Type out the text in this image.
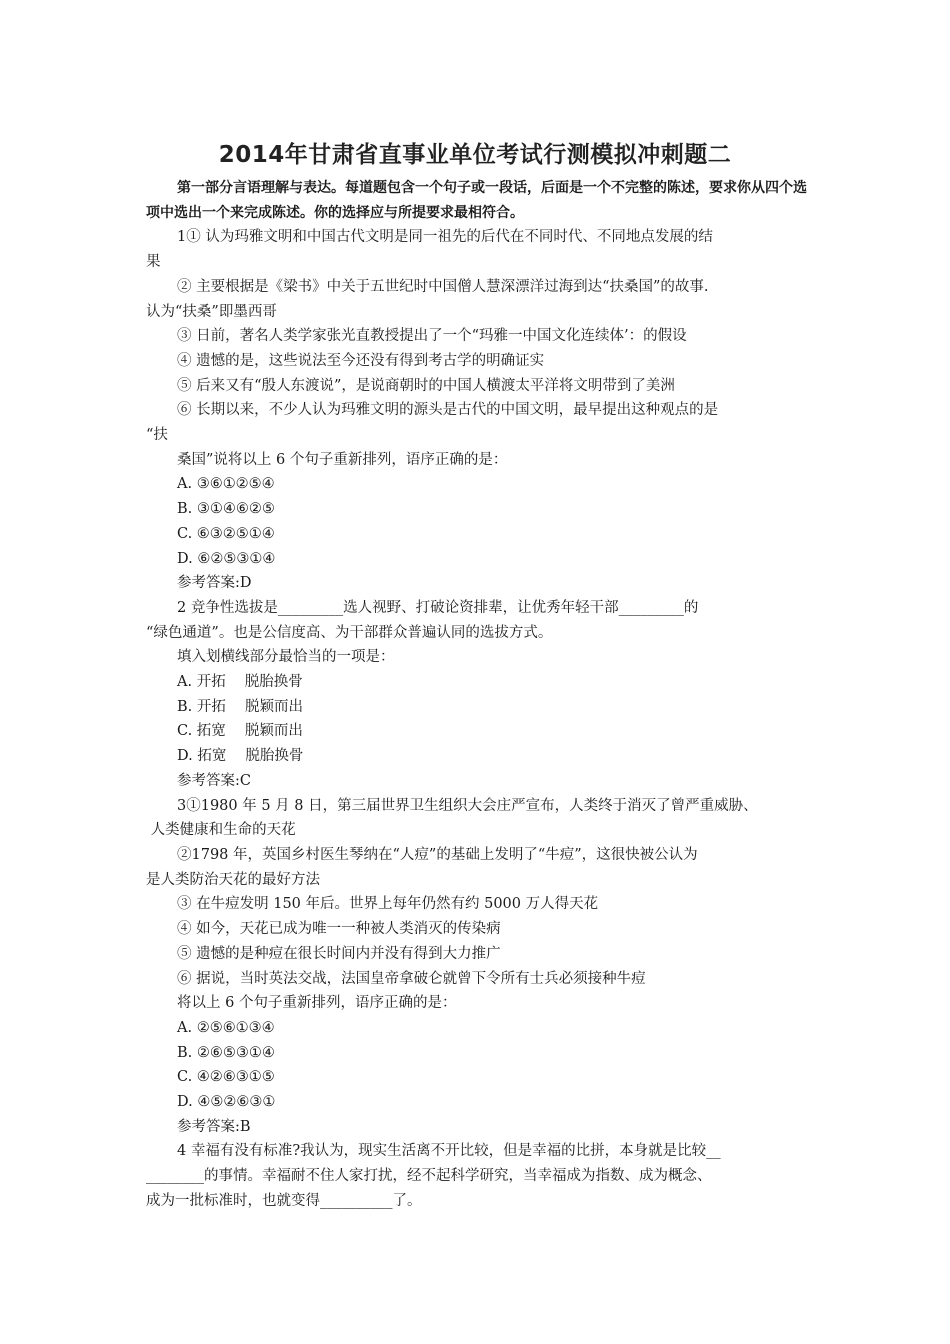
2014年甘肃省直事业单位考试行测模拟冲刺题二

第一部分言语理解与表达。每道题包含一个句子或一段话，后面是一个不完整的陈述，要求你从四个选项中选出一个来完成陈述。你的选择应与所提要求最相符合。

1① 认为玛雅文明和中国古代文明是同一祖先的后代在不同时代、不同地点发展的结

果

② 主要根据是《梁书》中关于五世纪时中国僧人慧深漂洋过海到达“扶桑国”的故事.

认为“扶桑”即墨西哥

③ 日前，著名人类学家张光直教授提出了一个“玛雅一中国文化连续体’：的假设

④ 遗憾的是，这些说法至今还没有得到考古学的明确证实

⑤ 后来又有“殷人东渡说”，是说商朝时的中国人横渡太平洋将文明带到了美洲

⑥ 长期以来，不少人认为玛雅文明的源头是古代的中国文明，最早提出这种观点的是

“扶

桑国”说将以上 6 个句子重新排列，语序正确的是：

A. ③⑥①②⑤④

B. ③①④⑥②⑤

C. ⑥③②⑤①④

D. ⑥②⑤③①④

参考答案:D

2 竞争性选拔是_________选人视野、打破论资排辈，让优秀年轻干部_________的

“绿色通道”。也是公信度高、为干部群众普遍认同的选拔方式。

填入划横线部分最恰当的一项是：

A. 开拓　 脱胎换骨

B. 开拓　 脱颖而出

C. 拓宽　 脱颖而出

D. 拓宽　 脱胎换骨

参考答案:C

3①1980 年 5 月 8 日，第三届世界卫生组织大会庄严宣布，人类终于消灭了曾严重威胁、

人类健康和生命的天花

②1798 年，英国乡村医生琴纳在“人痘”的基础上发明了“牛痘”，这很快被公认为

是人类防治天花的最好方法

③ 在牛痘发明 150 年后。世界上每年仍然有约 5000 万人得天花

④ 如今，天花已成为唯一一种被人类消灭的传染病

⑤ 遗憾的是种痘在很长时间内并没有得到大力推广

⑥ 据说，当时英法交战，法国皇帝拿破仑就曾下令所有士兵必须接种牛痘

将以上 6 个句子重新排列，语序正确的是：

A. ②⑤⑥①③④

B. ②⑥⑤③①④

C. ④②⑥③①⑤

D. ④⑤②⑥③①

参考答案:B

4 幸福有没有标准?我认为，现实生活离不开比较，但是幸福的比拼，本身就是比较__

________的事情。幸福耐不住人家打扰，经不起科学研究，当幸福成为指数、成为概念、

成为一批标准时，也就变得__________了。
